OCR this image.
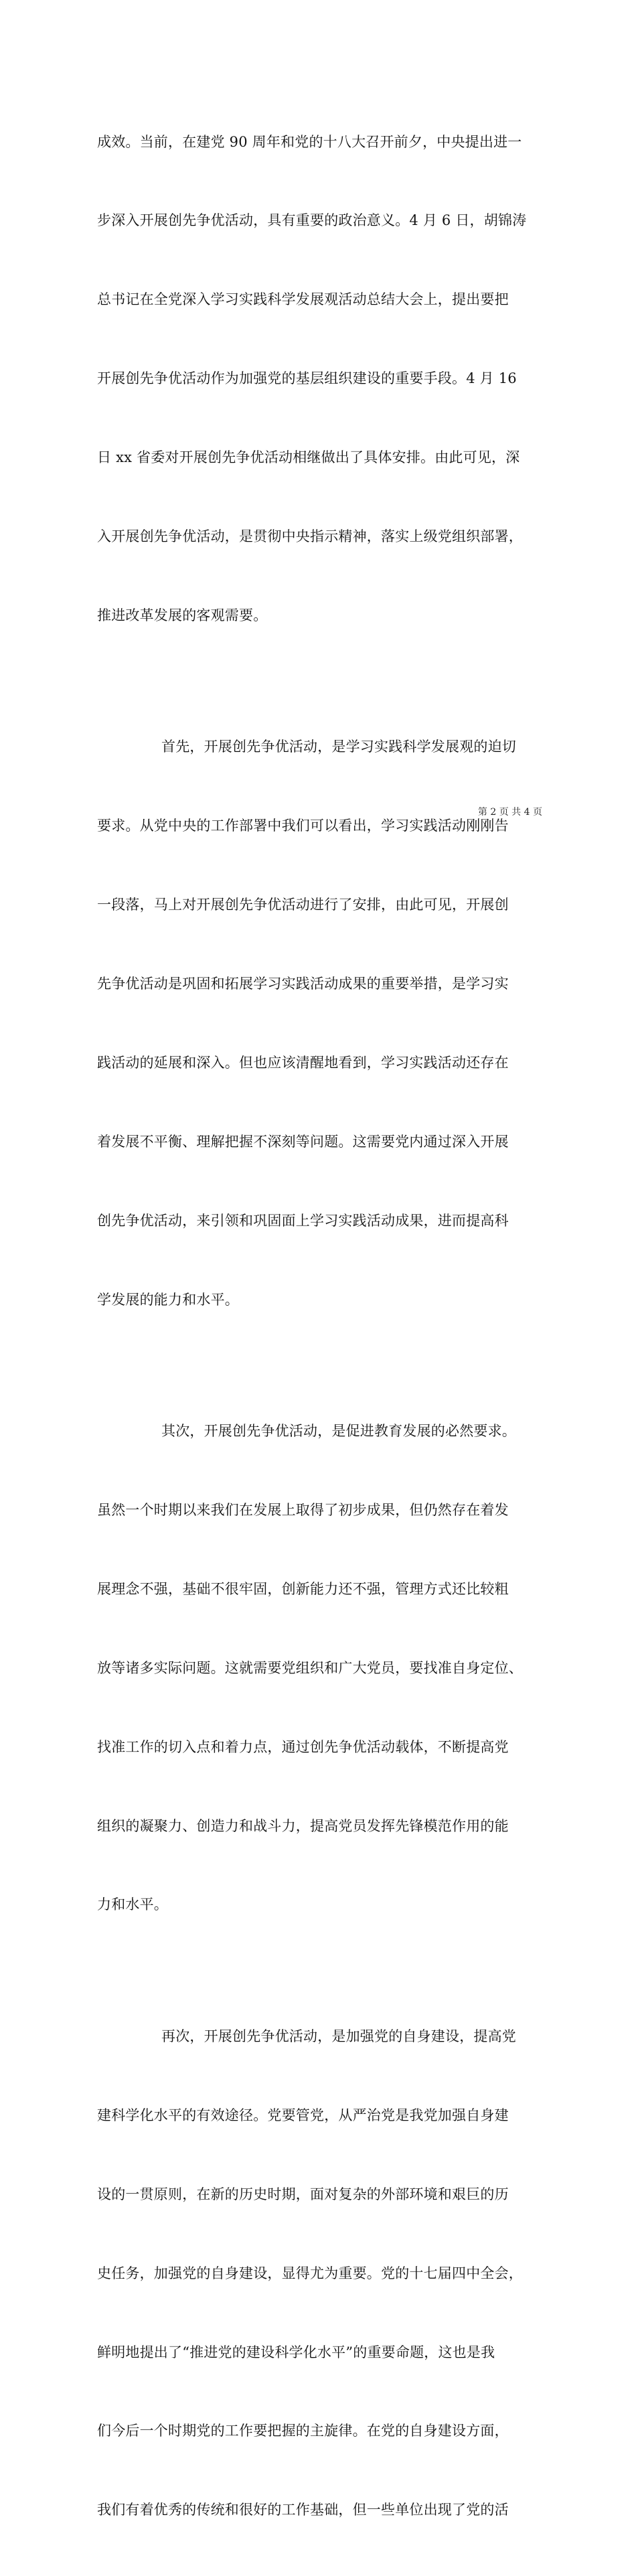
成效。当前，在建党 90 周年和党的十八大召开前夕，中央提出进一

步深入开展创先争优活动，具有重要的政治意义。4 月 6 日，胡锦涛

总书记在全党深入学习实践科学发展观活动总结大会上，提出要把

开展创先争优活动作为加强党的基层组织建设的重要手段。4 月 16

日 xx 省委对开展创先争优活动相继做出了具体安排。由此可见，深

入开展创先争优活动，是贯彻中央指示精神，落实上级党组织部署，

推进改革发展的客观需要。

首先，开展创先争优活动，是学习实践科学发展观的迫切

要求。从党中央的工作部署中我们可以看出，学习实践活动刚刚告

一段落，马上对开展创先争优活动进行了安排，由此可见，开展创

先争优活动是巩固和拓展学习实践活动成果的重要举措，是学习实

践活动的延展和深入。但也应该清醒地看到，学习实践活动还存在

着发展不平衡、理解把握不深刻等问题。这需要党内通过深入开展

创先争优活动，来引领和巩固面上学习实践活动成果，进而提高科

学发展的能力和水平。

其次，开展创先争优活动，是促进教育发展的必然要求。

虽然一个时期以来我们在发展上取得了初步成果，但仍然存在着发

展理念不强，基础不很牢固，创新能力还不强，管理方式还比较粗

放等诸多实际问题。这就需要党组织和广大党员，要找准自身定位、

找准工作的切入点和着力点，通过创先争优活动载体，不断提高党

组织的凝聚力、创造力和战斗力，提高党员发挥先锋模范作用的能

力和水平。

再次，开展创先争优活动，是加强党的自身建设，提高党

建科学化水平的有效途径。党要管党，从严治党是我党加强自身建

设的一贯原则，在新的历史时期，面对复杂的外部环境和艰巨的历

史任务，加强党的自身建设，显得尤为重要。党的十七届四中全会，

鲜明地提出了“推进党的建设科学化水平”的重要命题，这也是我

们今后一个时期党的工作要把握的主旋律。在党的自身建设方面，

我们有着优秀的传统和很好的工作基础，但一些单位出现了党的活

第 2 页 共 4 页
